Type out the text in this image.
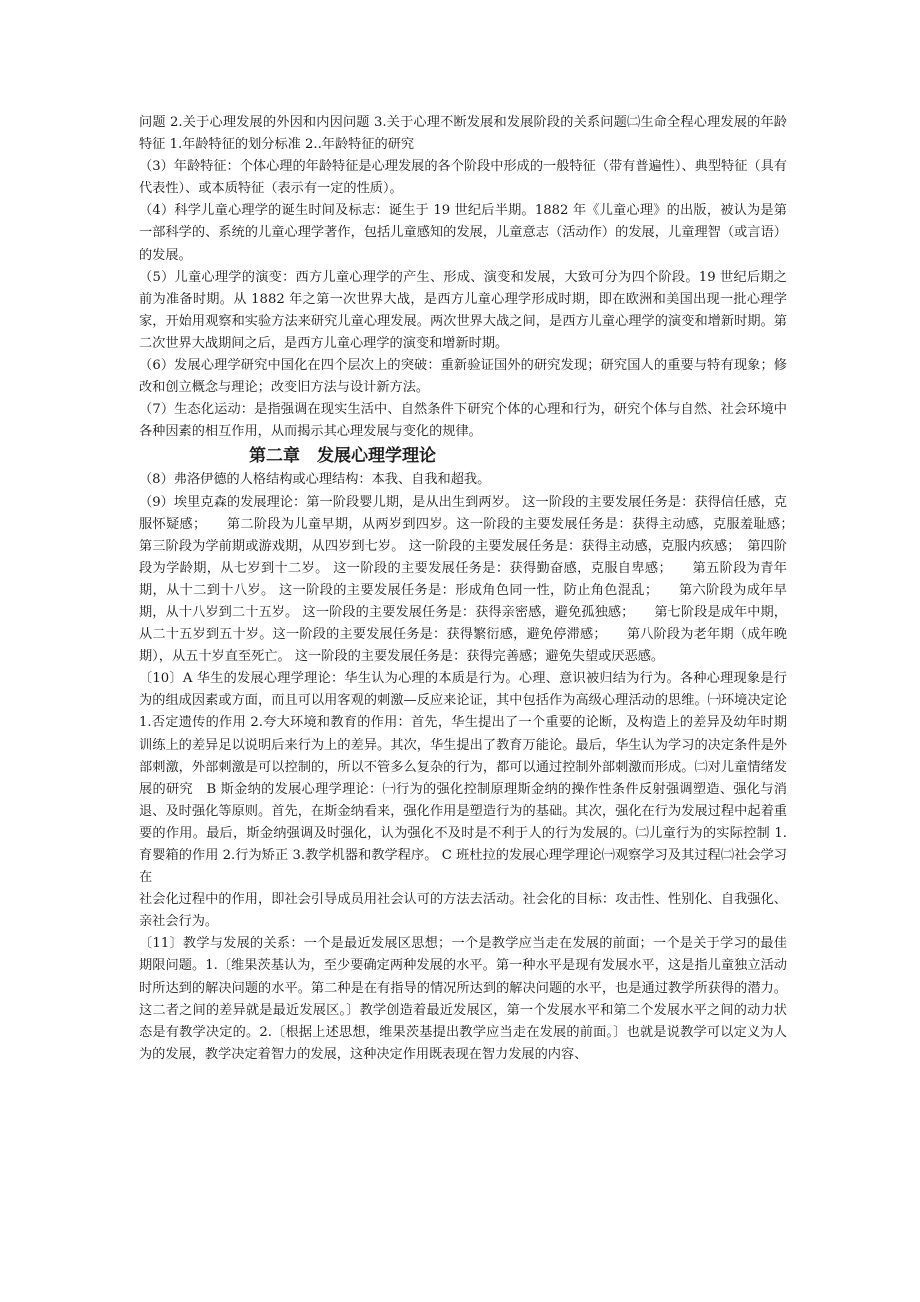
问题 2.关于心理发展的外因和内因问题 3.关于心理不断发展和发展阶段的关系问题㈡生命全程心理发展的年龄特征 1.年龄特征的划分标准 2..年龄特征的研究

（3）年龄特征：个体心理的年龄特征是心理发展的各个阶段中形成的一般特征（带有普遍性）、典型特征（具有代表性）、或本质特征（表示有一定的性质）。

（4）科学儿童心理学的诞生时间及标志：诞生于 19 世纪后半期。1882 年《儿童心理》的出版，被认为是第一部科学的、系统的儿童心理学著作，包括儿童感知的发展，儿童意志（活动作）的发展，儿童理智（或言语）的发展。

（5）儿童心理学的演变：西方儿童心理学的产生、形成、演变和发展，大致可分为四个阶段。19 世纪后期之前为准备时期。从 1882 年之第一次世界大战，是西方儿童心理学形成时期，即在欧洲和美国出现一批心理学家，开始用观察和实验方法来研究儿童心理发展。两次世界大战之间，是西方儿童心理学的演变和增新时期。第二次世界大战期间之后，是西方儿童心理学的演变和增新时期。

（6）发展心理学研究中国化在四个层次上的突破：重新验证国外的研究发现；研究国人的重要与特有现象；修改和创立概念与理论；改变旧方法与设计新方法。

（7）生态化运动：是指强调在现实生活中、自然条件下研究个体的心理和行为，研究个体与自然、社会环境中各种因素的相互作用，从而揭示其心理发展与变化的规律。

第二章　发展心理学理论

（8）弗洛伊德的人格结构或心理结构：本我、自我和超我。

（9）埃里克森的发展理论：第一阶段婴儿期，是从出生到两岁。 这一阶段的主要发展任务是：获得信任感，克服怀疑感；　　第二阶段为儿童早期，从两岁到四岁。这一阶段的主要发展任务是：获得主动感，克服羞耻感；　　第三阶段为学前期或游戏期，从四岁到七岁。 这一阶段的主要发展任务是：获得主动感，克服内疚感；　第四阶段为学龄期，从七岁到十二岁。 这一阶段的主要发展任务是：获得勤奋感，克服自卑感；　　第五阶段为青年期，从十二到十八岁。 这一阶段的主要发展任务是：形成角色同一性，防止角色混乱；　　第六阶段为成年早期，从十八岁到二十五岁。 这一阶段的主要发展任务是：获得亲密感，避免孤独感；　　第七阶段是成年中期，从二十五岁到五十岁。这一阶段的主要发展任务是：获得繁衍感，避免停滞感；　　第八阶段为老年期（成年晚期），从五十岁直至死亡。 这一阶段的主要发展任务是：获得完善感；避免失望或厌恶感。

〔10〕A 华生的发展心理学理论：华生认为心理的本质是行为。心理、意识被归结为行为。各种心理现象是行为的组成因素或方面，而且可以用客观的刺激—反应来论证，其中包括作为高级心理活动的思维。㈠环境决定论 1.否定遗传的作用 2.夸大环境和教育的作用：首先，华生提出了一个重要的论断，及构造上的差异及幼年时期训练上的差异足以说明后来行为上的差异。其次，华生提出了教育万能论。最后，华生认为学习的决定条件是外部刺激，外部刺激是可以控制的，所以不管多么复杂的行为，都可以通过控制外部刺激而形成。㈡对儿童情绪发展的研究　B 斯金纳的发展心理学理论：㈠行为的强化控制原理斯金纳的操作性条件反射强调塑造、强化与消退、及时强化等原则。首先，在斯金纳看来，强化作用是塑造行为的基础。其次，强化在行为发展过程中起着重要的作用。最后，斯金纳强调及时强化，认为强化不及时是不利于人的行为发展的。㈡儿童行为的实际控制 1.育婴箱的作用 2.行为矫正 3.教学机器和教学程序。 C 班杜拉的发展心理学理论㈠观察学习及其过程㈡社会学习在

社会化过程中的作用，即社会引导成员用社会认可的方法去活动。社会化的目标：攻击性、性别化、自我强化、亲社会行为。

〔11〕教学与发展的关系：一个是最近发展区思想；一个是教学应当走在发展的前面；一个是关于学习的最佳期限问题。1.〔维果茨基认为，至少要确定两种发展的水平。第一种水平是现有发展水平，这是指儿童独立活动时所达到的解决问题的水平。第二种是在有指导的情况所达到的解决问题的水平，也是通过教学所获得的潜力。这二者之间的差异就是最近发展区。〕教学创造着最近发展区，第一个发展水平和第二个发展水平之间的动力状态是有教学决定的。2.〔根据上述思想，维果茨基提出教学应当走在发展的前面。〕也就是说教学可以定义为人为的发展，教学决定着智力的发展，这种决定作用既表现在智力发展的内容、
